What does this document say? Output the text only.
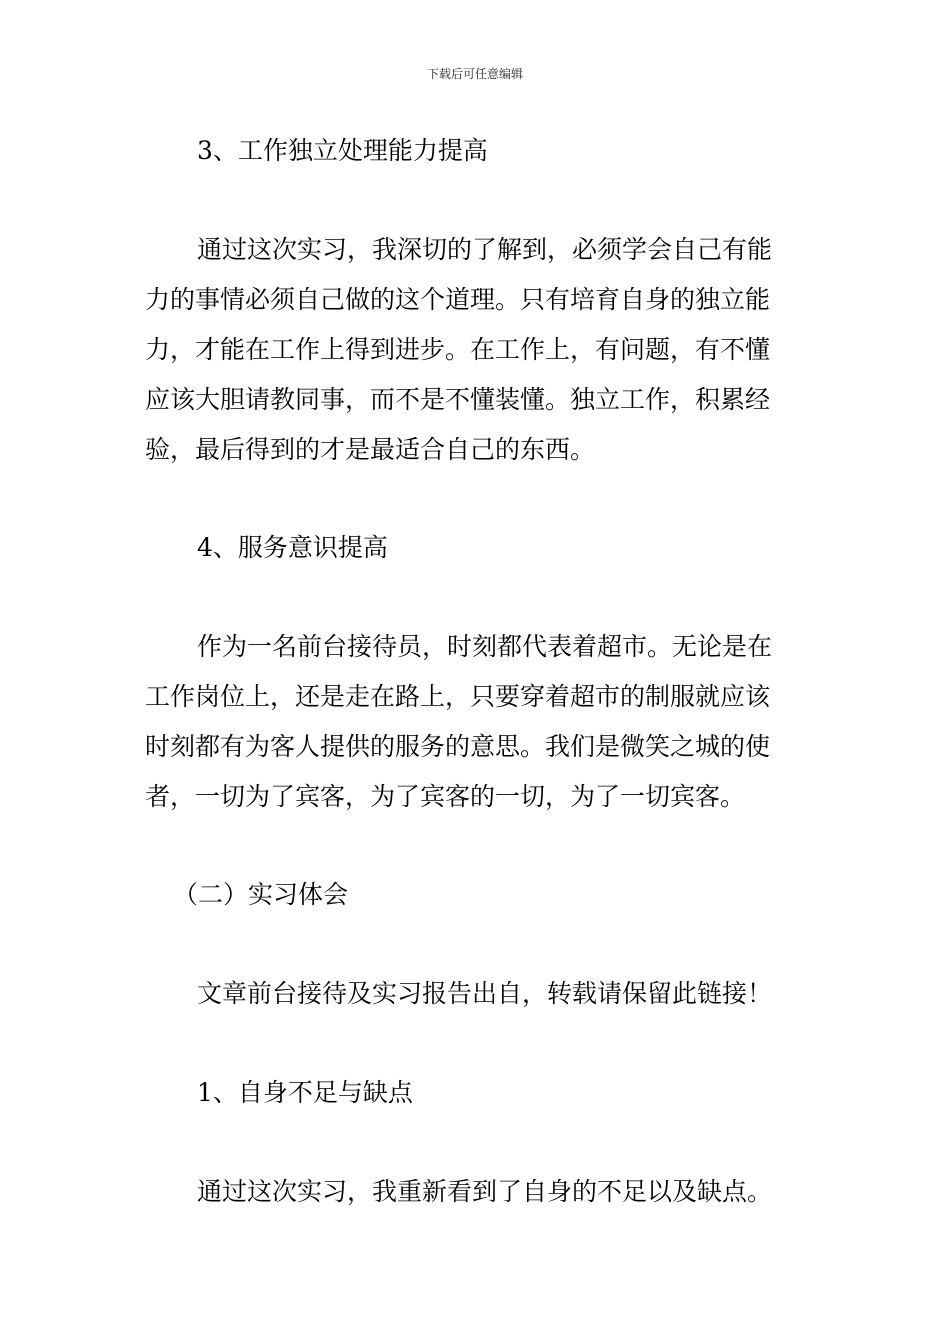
下载后可任意编辑
3、工作独立处理能力提高
通过这次实习，我深切的了解到，必须学会自己有能
力的事情必须自己做的这个道理。只有培育自身的独立能
力，才能在工作上得到进步。在工作上，有问题，有不懂
应该大胆请教同事，而不是不懂装懂。独立工作，积累经
验，最后得到的才是最适合自己的东西。
4、服务意识提高
作为一名前台接待员，时刻都代表着超市。无论是在
工作岗位上，还是走在路上，只要穿着超市的制服就应该
时刻都有为客人提供的服务的意思。我们是微笑之城的使
者，一切为了宾客，为了宾客的一切，为了一切宾客。
（二）实习体会
文章前台接待及实习报告出自，转载请保留此链接！
1、自身不足与缺点
通过这次实习，我重新看到了自身的不足以及缺点。
